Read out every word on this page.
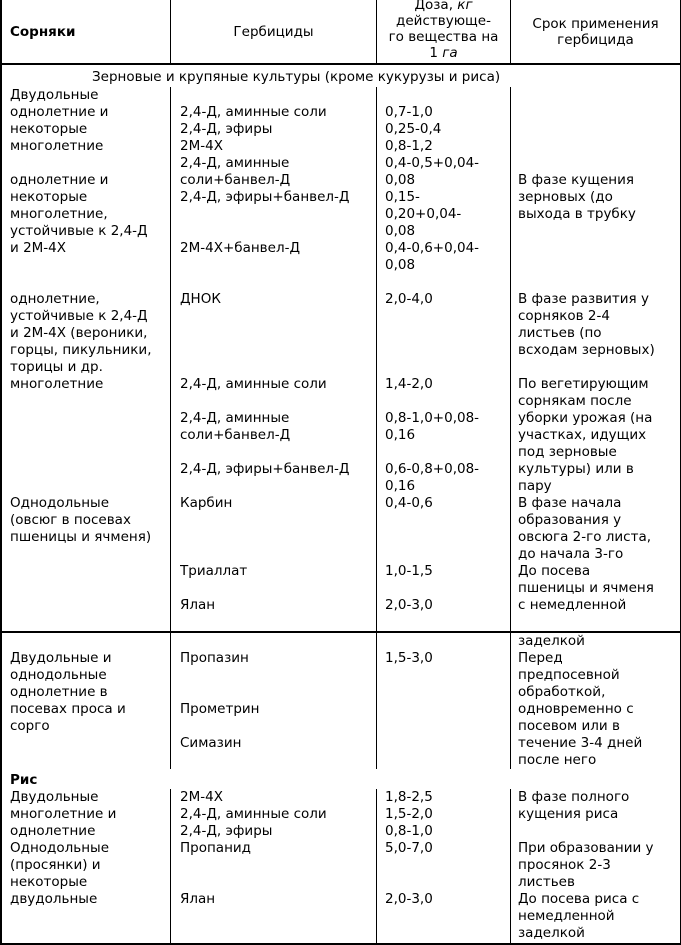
Сорняки	Гербициды
Доза, кг
действующе-
го вещества на
1 га
Срок применения
гербицида
Зерновые и крупяные культуры (кроме кукурузы и риса)
Двудольные
однолетние и
некоторые
многолетние

однолетние и
некоторые
многолетние,
устойчивые к 2,4-Д
и 2М-4Х

однолетние,
устойчивые к 2,4-Д
и 2М-4Х (вероники,
горцы, пикульники,
торицы и др.
многолетние

Однодольные
(овсюг в посевах
пшеницы и ячменя)

2,4-Д, аминные соли
2,4-Д, эфиры
2М-4Х
2,4-Д, аминные
соли+банвел-Д
2,4-Д, эфиры+банвел-Д

2М-4Х+банвел-Д

ДНОК

2,4-Д, аминные соли

2,4-Д, аминные
соли+банвел-Д

2,4-Д, эфиры+банвел-Д

Карбин

Триаллат

Ялан

0,7-1,0
0,25-0,4
0,8-1,2
0,4-0,5+0,04-
0,08
0,15-
0,20+0,04-
0,08
0,4-0,6+0,04-
0,08

2,0-4,0

1,4-2,0

0,8-1,0+0,08-
0,16

0,6-0,8+0,08-
0,16
0,4-0,6

1,0-1,5

2,0-3,0

В фазе кущения
зерновых (до
выхода в трубку

В фазе развития у
сорняков 2-4
листьев (по
всходам зерновых)

По вегетирующим
сорнякам после
уборки урожая (на
участках, идущих
под зерновые
культуры) или в
пару
В фазе начала
образования у
овсюга 2-го листа,
до начала 3-го
До посева
пшеницы и ячменя
с немедленной

Двудольные и
однодольные
однолетние в
посевах проса и
сорго

Пропазин

Прометрин

Симазин

1,5-3,0

заделкой
Перед
предпосевной
обработкой,
одновременно с
посевом или в
течение 3-4 дней
после него
Рис
Двудольные
многолетние и
однолетние
Однодольные
(просянки) и
некоторые
двудольные

2М-4Х
2,4-Д, аминные соли
2,4-Д, эфиры
Пропанид

Ялан

1,8-2,5
1,5-2,0
0,8-1,0
5,0-7,0

2,0-3,0

В фазе полного
кущения риса

При образовании у
просянок 2-3
листьев
До посева риса с
немедленной
заделкой
